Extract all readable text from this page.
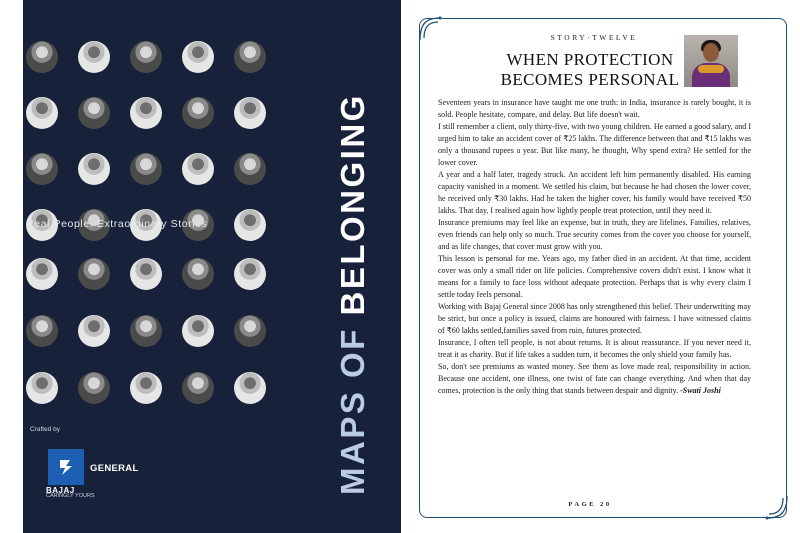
Real People. Extraordinary Stories
MAPS OF BELONGING
Crafted by
BAJAJ
CARINGLY YOURS
GENERAL
STORY·TWELVE
WHEN PROTECTION
BECOMES PERSONAL

Seventeen years in insurance have taught me one truth: in India, insurance is rarely bought, it is sold. People hesitate, compare, and delay. But life doesn't wait.

I still remember a client, only thirty-five, with two young children. He earned a good salary, and I urged him to take an accident cover of ₹25 lakhs. The difference between that and ₹15 lakhs was only a thousand rupees a year. But like many, he thought, Why spend extra? He settled for the lower cover.

A year and a half later, tragedy struck. An accident left him permanently disabled. His earning capacity vanished in a moment. We settled his claim, but because he had chosen the lower cover, he received only ₹30 lakhs. Had he taken the higher cover, his family would have received ₹50 lakhs. That day, I realised again how lightly people treat protection, until they need it.

Insurance premiums may feel like an expense, but in truth, they are lifelines. Families, relatives, even friends can help only so much. True security comes from the cover you choose for yourself, and as life changes, that cover must grow with you.

This lesson is personal for me. Years ago, my father died in an accident. At that time, accident cover was only a small rider on life policies. Comprehensive covers didn't exist. I know what it means for a family to face loss without adequate protection. Perhaps that is why every claim I settle today feels personal.

Working with Bajaj General since 2008 has only strengthened this belief. Their underwriting may be strict, but once a policy is issued, claims are honoured with fairness. I have witnessed claims of ₹60 lakhs settled,families saved from ruin, futures protected.

Insurance, I often tell people, is not about returns. It is about reassurance. If you never need it, treat it as charity. But if life takes a sudden turn, it becomes the only shield your family has.

So, don't see premiums as wasted money. See them as love made real, responsibility in action. Because one accident, one illness, one twist of fate can change everything. And when that day comes, protection is the only thing that stands between despair and dignity. -Swati Joshi

PAGE 20
